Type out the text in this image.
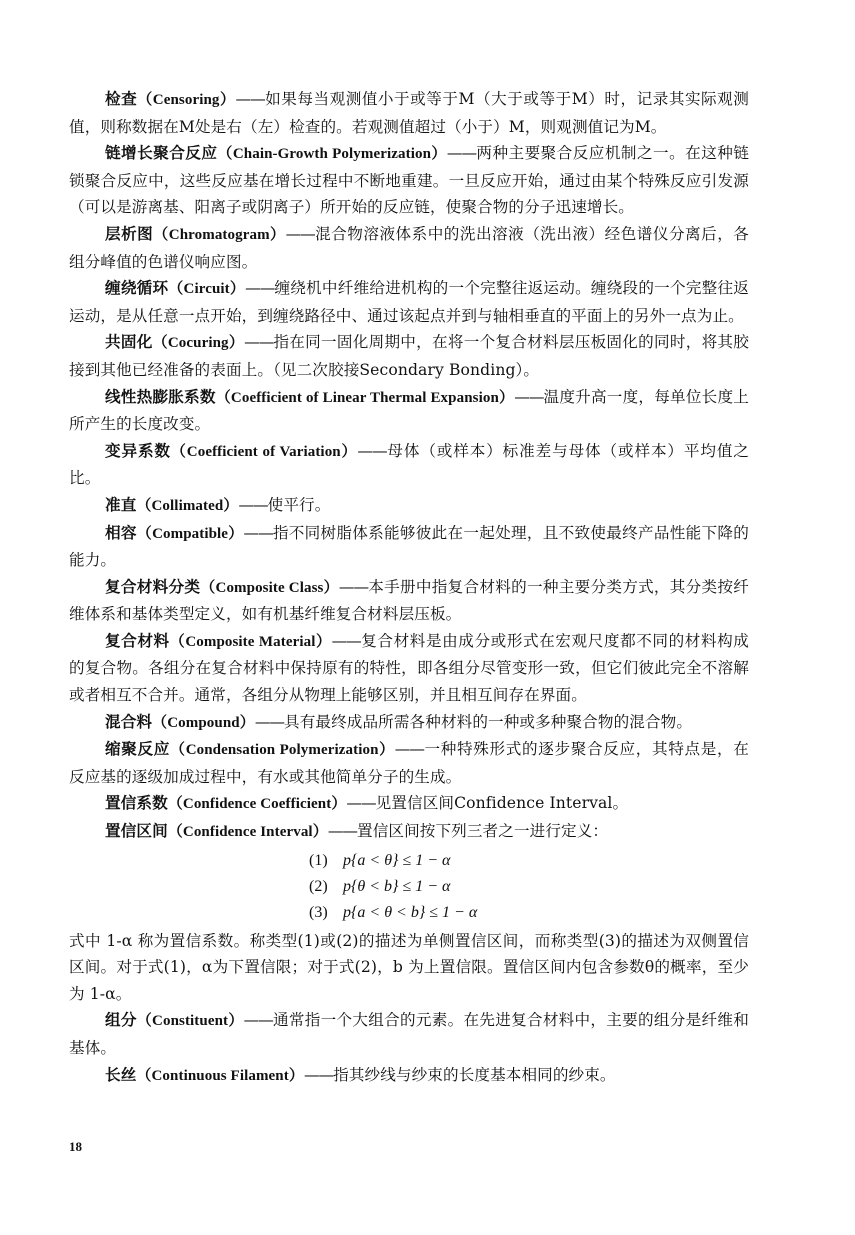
检查（Censoring）——如果每当观测值小于或等于M（大于或等于M）时，记录其实际观测值，则称数据在M处是右（左）检查的。若观测值超过（小于）M，则观测值记为M。

链增长聚合反应（Chain-Growth Polymerization）——两种主要聚合反应机制之一。在这种链锁聚合反应中，这些反应基在增长过程中不断地重建。一旦反应开始，通过由某个特殊反应引发源（可以是游离基、阳离子或阴离子）所开始的反应链，使聚合物的分子迅速增长。

层析图（Chromatogram）——混合物溶液体系中的洗出溶液（洗出液）经色谱仪分离后，各组分峰值的色谱仪响应图。

缠绕循环（Circuit）——缠绕机中纤维给进机构的一个完整往返运动。缠绕段的一个完整往返运动，是从任意一点开始，到缠绕路径中、通过该起点并到与轴相垂直的平面上的另外一点为止。

共固化（Cocuring）——指在同一固化周期中，在将一个复合材料层压板固化的同时，将其胶接到其他已经准备的表面上。（见二次胶接Secondary Bonding）。

线性热膨胀系数（Coefficient of Linear Thermal Expansion）——温度升高一度，每单位长度上所产生的长度改变。

变异系数（Coefficient of Variation）——母体（或样本）标准差与母体（或样本）平均值之比。

准直（Collimated）——使平行。

相容（Compatible）——指不同树脂体系能够彼此在一起处理，且不致使最终产品性能下降的能力。

复合材料分类（Composite Class）——本手册中指复合材料的一种主要分类方式，其分类按纤维体系和基体类型定义，如有机基纤维复合材料层压板。

复合材料（Composite Material）——复合材料是由成分或形式在宏观尺度都不同的材料构成的复合物。各组分在复合材料中保持原有的特性，即各组分尽管变形一致，但它们彼此完全不溶解或者相互不合并。通常，各组分从物理上能够区别，并且相互间存在界面。

混合料（Compound）——具有最终成品所需各种材料的一种或多种聚合物的混合物。

缩聚反应（Condensation Polymerization）——一种特殊形式的逐步聚合反应，其特点是，在反应基的逐级加成过程中，有水或其他简单分子的生成。

置信系数（Confidence Coefficient）——见置信区间Confidence Interval。

置信区间（Confidence Interval）——置信区间按下列三者之一进行定义：

(1) p{a < θ} ≤ 1 − α
(2) p{θ < b} ≤ 1 − α
(3) p{a < θ < b} ≤ 1 − α

式中 1-α 称为置信系数。称类型(1)或(2)的描述为单侧置信区间，而称类型(3)的描述为双侧置信区间。对于式(1)，α为下置信限；对于式(2)，b 为上置信限。置信区间内包含参数θ的概率，至少为 1-α。

组分（Constituent）——通常指一个大组合的元素。在先进复合材料中，主要的组分是纤维和基体。

长丝（Continuous Filament）——指其纱线与纱束的长度基本相同的纱束。

18
